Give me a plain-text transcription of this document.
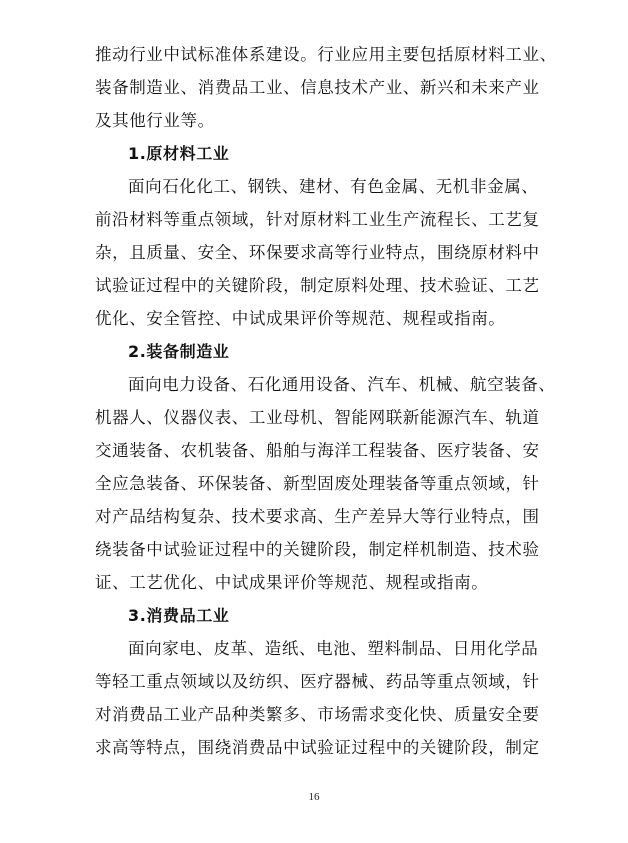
推动行业中试标准体系建设。行业应用主要包括原材料工业、
装备制造业、消费品工业、信息技术产业、新兴和未来产业
及其他行业等。
1.原材料工业
面向石化化工、钢铁、建材、有色金属、无机非金属、
前沿材料等重点领域，针对原材料工业生产流程长、工艺复
杂，且质量、安全、环保要求高等行业特点，围绕原材料中
试验证过程中的关键阶段，制定原料处理、技术验证、工艺
优化、安全管控、中试成果评价等规范、规程或指南。
2.装备制造业
面向电力设备、石化通用设备、汽车、机械、航空装备、
机器人、仪器仪表、工业母机、智能网联新能源汽车、轨道
交通装备、农机装备、船舶与海洋工程装备、医疗装备、安
全应急装备、环保装备、新型固废处理装备等重点领域，针
对产品结构复杂、技术要求高、生产差异大等行业特点，围
绕装备中试验证过程中的关键阶段，制定样机制造、技术验
证、工艺优化、中试成果评价等规范、规程或指南。
3.消费品工业
面向家电、皮革、造纸、电池、塑料制品、日用化学品
等轻工重点领域以及纺织、医疗器械、药品等重点领域，针
对消费品工业产品种类繁多、市场需求变化快、质量安全要
求高等特点，围绕消费品中试验证过程中的关键阶段，制定
16
